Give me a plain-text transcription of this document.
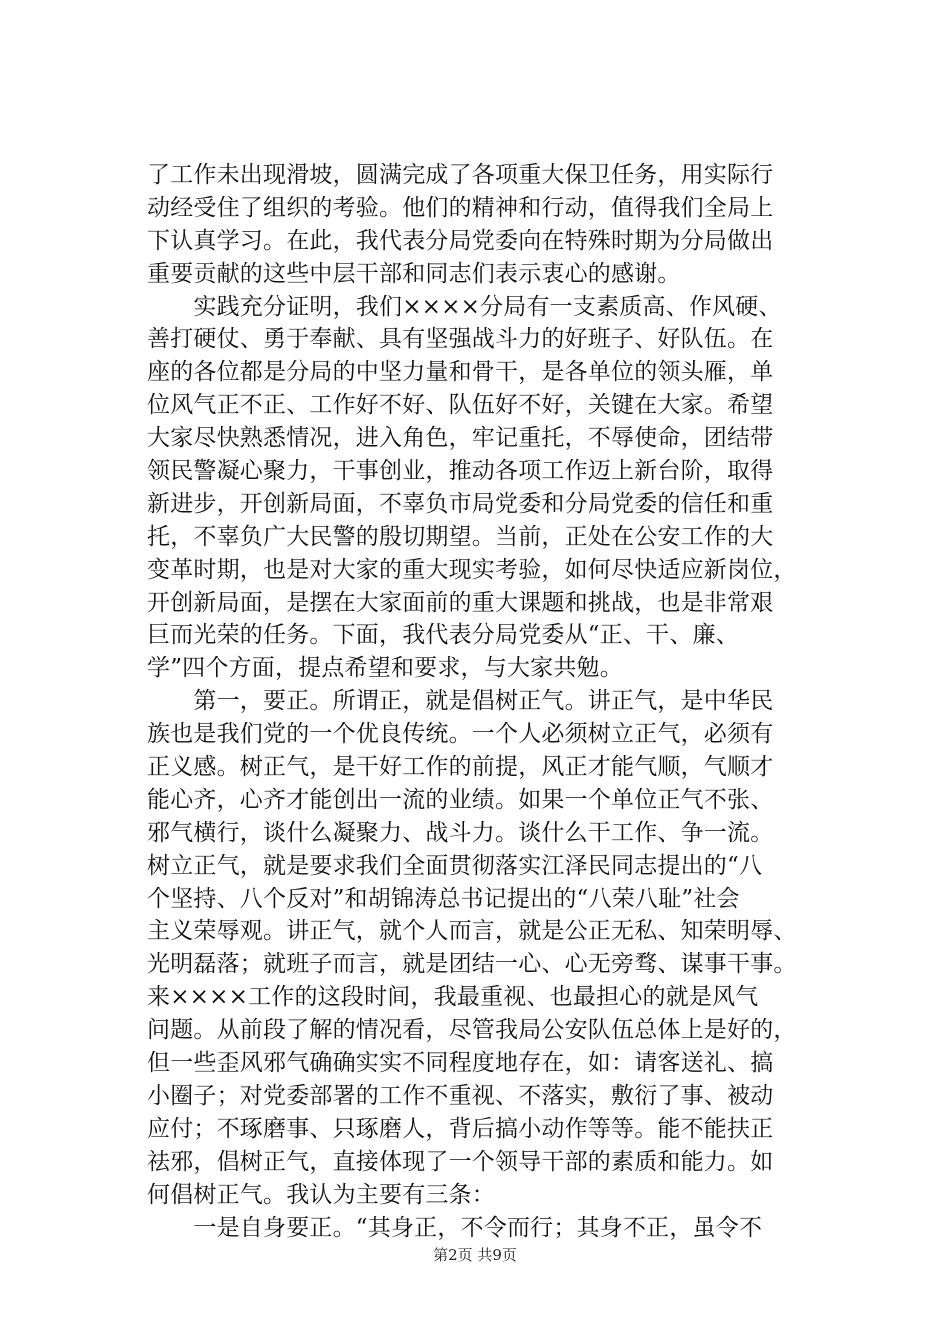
了工作未出现滑坡，圆满完成了各项重大保卫任务，用实际行
动经受住了组织的考验。他们的精神和行动，值得我们全局上
下认真学习。在此，我代表分局党委向在特殊时期为分局做出
重要贡献的这些中层干部和同志们表示衷心的感谢。
　　实践充分证明，我们××××分局有一支素质高、作风硬、
善打硬仗、勇于奉献、具有坚强战斗力的好班子、好队伍。在
座的各位都是分局的中坚力量和骨干，是各单位的领头雁，单
位风气正不正、工作好不好、队伍好不好，关键在大家。希望
大家尽快熟悉情况，进入角色，牢记重托，不辱使命，团结带
领民警凝心聚力，干事创业，推动各项工作迈上新台阶，取得
新进步，开创新局面，不辜负市局党委和分局党委的信任和重
托，不辜负广大民警的殷切期望。当前，正处在公安工作的大
变革时期，也是对大家的重大现实考验，如何尽快适应新岗位，
开创新局面，是摆在大家面前的重大课题和挑战，也是非常艰
巨而光荣的任务。下面，我代表分局党委从“正、干、廉、
学”四个方面，提点希望和要求，与大家共勉。
　　第一，要正。所谓正，就是倡树正气。讲正气，是中华民
族也是我们党的一个优良传统。一个人必须树立正气，必须有
正义感。树正气，是干好工作的前提，风正才能气顺，气顺才
能心齐，心齐才能创出一流的业绩。如果一个单位正气不张、
邪气横行，谈什么凝聚力、战斗力。谈什么干工作、争一流。
树立正气，就是要求我们全面贯彻落实江泽民同志提出的“八
个坚持、八个反对”和胡锦涛总书记提出的“八荣八耻”社会
主义荣辱观。讲正气，就个人而言，就是公正无私、知荣明辱、
光明磊落；就班子而言，就是团结一心、心无旁骛、谋事干事。
来××××工作的这段时间，我最重视、也最担心的就是风气
问题。从前段了解的情况看，尽管我局公安队伍总体上是好的，
但一些歪风邪气确确实实不同程度地存在，如：请客送礼、搞
小圈子；对党委部署的工作不重视、不落实，敷衍了事、被动
应付；不琢磨事、只琢磨人，背后搞小动作等等。能不能扶正
祛邪，倡树正气，直接体现了一个领导干部的素质和能力。如
何倡树正气。我认为主要有三条：
　　一是自身要正。“其身正，不令而行；其身不正，虽令不
第2页 共9页
